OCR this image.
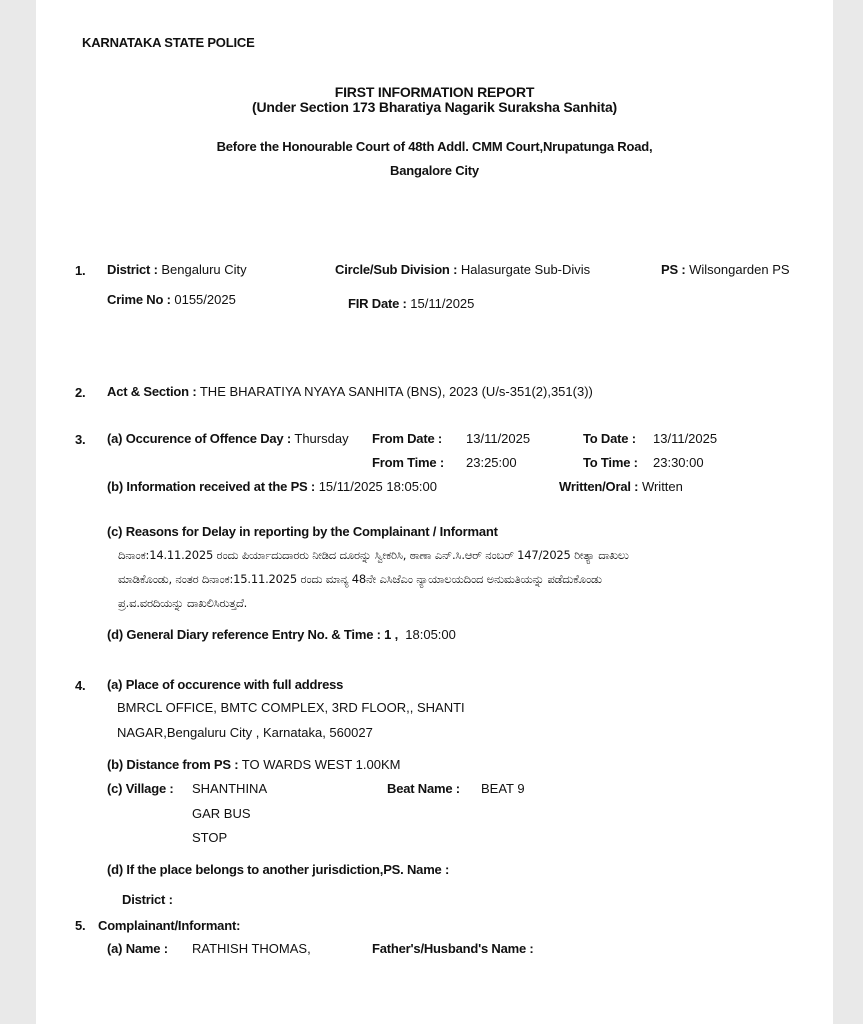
KARNATAKA STATE POLICE
FIRST INFORMATION REPORT
(Under Section 173 Bharatiya Nagarik Suraksha Sanhita)
Before the Honourable Court of 48th Addl. CMM Court,Nrupatunga Road,
Bangalore City
1. District : Bengaluru City	Circle/Sub Division : Halasurgate Sub-Divis	PS : Wilsongarden PS
Crime No : 0155/2025	FIR Date : 15/11/2025
2. Act & Section : THE BHARATIYA NYAYA SANHITA (BNS), 2023 (U/s-351(2),351(3))
3. (a) Occurence of Offence Day : Thursday From Date : 13/11/2025	To Date : 13/11/2025
From Time : 23:25:00	To Time : 23:30:00
(b) Information received at the PS : 15/11/2025 18:05:00	Written/Oral : Written
(c) Reasons for Delay in reporting by the Complainant / Informant
ದಿನಾಂಕ:14.11.2025 ರಂದು ಪಿರ್ಯಾದುದಾರರು ನೀಡಿದ ದೂರನ್ನು ಸ್ವೀಕರಿಸಿ, ಠಾಣಾ ಎನ್.ಸಿ.ಆರ್ ನಂಬರ್ 147/2025 ರೀತ್ಯಾ ದಾಖಲು
ಮಾಡಿಕೊಂಡು, ನಂತರ ದಿನಾಂಕ:15.11.2025 ರಂದು ಮಾನ್ಯ 48ನೇ ಎಸಿಜೆಎಂ ನ್ಯಾಯಾಲಯದಿಂದ ಅನುಮತಿಯನ್ನು ಪಡೆದುಕೊಂಡು
ಪ್ರ.ವ.ವರದಿಯನ್ನು ದಾಖಲಿಸಿರುತ್ತದೆ.
(d) General Diary reference Entry No. & Time : 1 , 18:05:00
4. (a) Place of occurence with full address
BMRCL OFFICE, BMTC COMPLEX, 3RD FLOOR,, SHANTI
NAGAR,Bengaluru City , Karnataka, 560027
(b) Distance from PS : TO WARDS WEST 1.00KM
(c) Village : SHANTHINA
GAR BUS
STOP
Beat Name : BEAT 9
(d) If the place belongs to another jurisdiction,PS. Name :
District :
5. Complainant/Informant:
(a) Name : RATHISH THOMAS,	Father's/Husband's Name :
